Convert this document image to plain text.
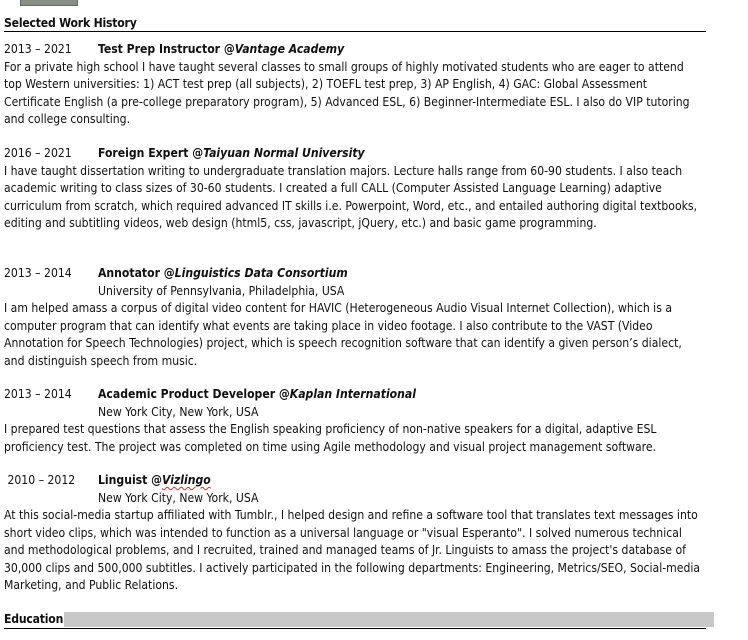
Selected Work History
2013 – 2021	Test Prep Instructor @ Vantage Academy

For a private high school I have taught several classes to small groups of highly motivated students who are eager to attend top Western universities: 1) ACT test prep (all subjects), 2) TOEFL test prep, 3) AP English, 4) GAC: Global Assessment Certificate English (a pre-college preparatory program), 5) Advanced ESL, 6) Beginner-Intermediate ESL. I also do VIP tutoring and college consulting.

2016 – 2021	Foreign Expert @ Taiyuan Normal University

I have taught dissertation writing to undergraduate translation majors. Lecture halls range from 60-90 students. I also teach academic writing to class sizes of 30-60 students. I created a full CALL (Computer Assisted Language Learning) adaptive curriculum from scratch, which required advanced IT skills i.e. Powerpoint, Word, etc., and entailed authoring digital textbooks, editing and subtitling videos, web design (html5, css, javascript, jQuery, etc.) and basic game programming.

2013 – 2014	Annotator @ Linguistics Data Consortium
University of Pennsylvania, Philadelphia, USA

I am helped amass a corpus of digital video content for HAVIC (Heterogeneous Audio Visual Internet Collection), which is a computer program that can identify what events are taking place in video footage. I also contribute to the VAST (Video Annotation for Speech Technologies) project, which is speech recognition software that can identify a given person’s dialect, and distinguish speech from music.

2013 – 2014	Academic Product Developer @ Kaplan International
New York City, New York, USA

I prepared test questions that assess the English speaking proficiency of non-native speakers for a digital, adaptive ESL proficiency test. The project was completed on time using Agile methodology and visual project management software.

2010 – 2012	Linguist @ Vizlingo
New York City, New York, USA

At this social-media startup affiliated with Tumblr., I helped design and refine a software tool that translates text messages into short video clips, which was intended to function as a universal language or "visual Esperanto". I solved numerous technical and methodological problems, and I recruited, trained and managed teams of Jr. Linguists to amass the project's database of 30,000 clips and 500,000 subtitles. I actively participated in the following departments: Engineering, Metrics/SEO, Social-media Marketing, and Public Relations.

Education
